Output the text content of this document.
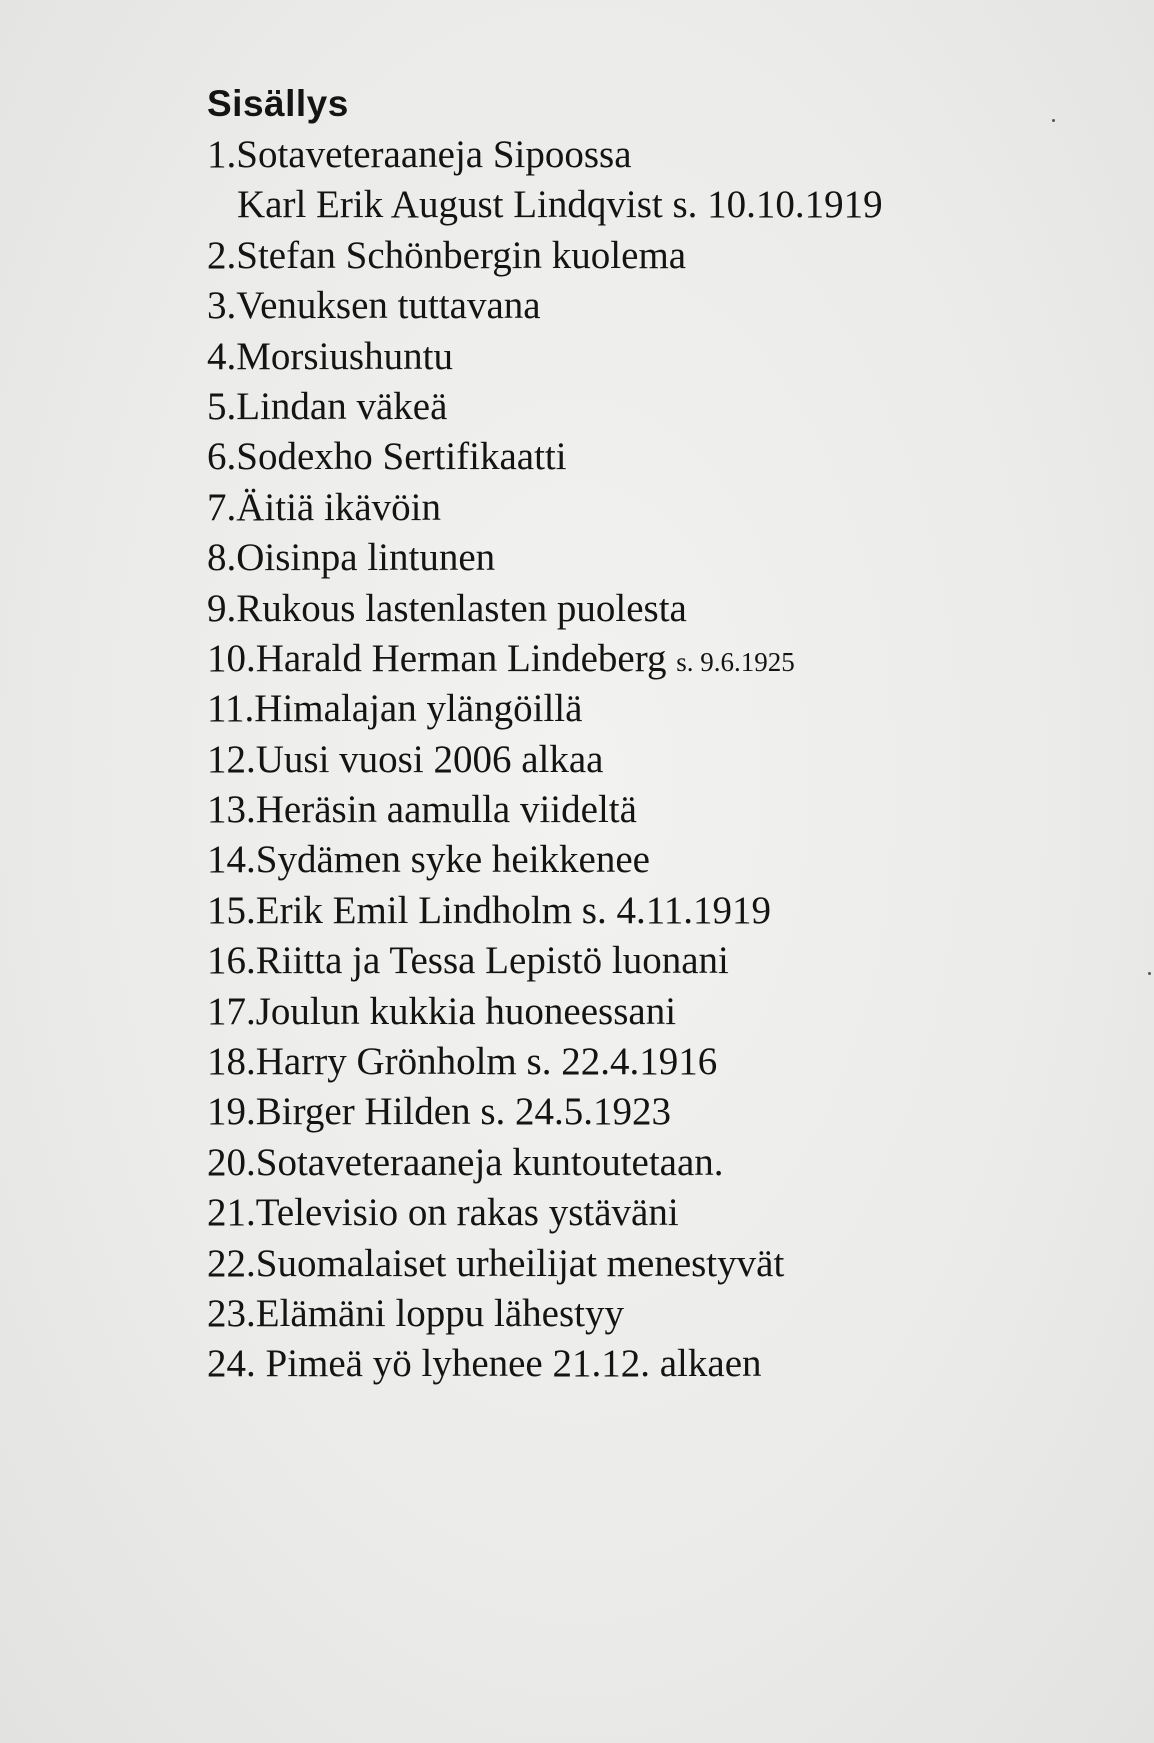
Sisällys
1.Sotaveteraaneja Sipoossa
Karl Erik August Lindqvist s. 10.10.1919
2.Stefan Schönbergin kuolema
3.Venuksen tuttavana
4.Morsiushuntu
5.Lindan väkeä
6.Sodexho Sertifikaatti
7.Äitiä ikävöin
8.Oisinpa lintunen
9.Rukous lastenlasten puolesta
10.Harald Herman Lindeberg s. 9.6.1925
11.Himalajan ylängöillä
12.Uusi vuosi 2006 alkaa
13.Heräsin aamulla viideltä
14.Sydämen syke heikkenee
15.Erik Emil Lindholm s. 4.11.1919
16.Riitta ja Tessa Lepistö luonani
17.Joulun kukkia huoneessani
18.Harry Grönholm s. 22.4.1916
19.Birger Hilden s. 24.5.1923
20.Sotaveteraaneja kuntoutetaan.
21.Televisio on rakas ystäväni
22.Suomalaiset urheilijat menestyvät
23.Elämäni loppu lähestyy
24. Pimeä yö lyhenee 21.12. alkaen
